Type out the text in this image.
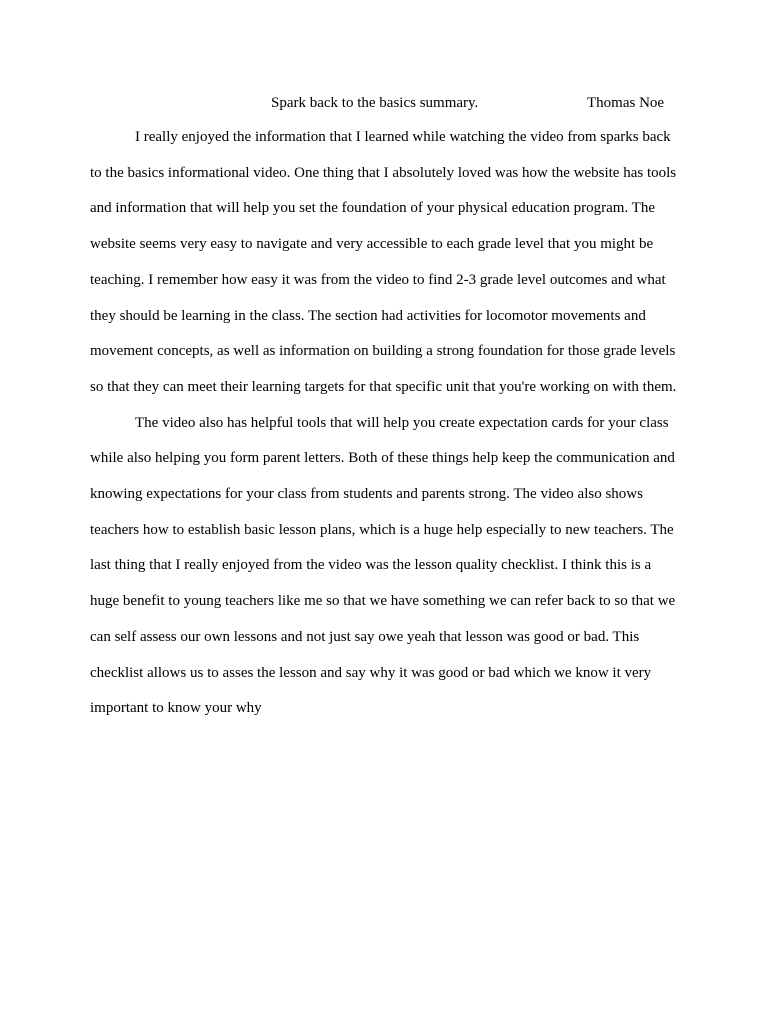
Spark back to the basics summary.	Thomas Noe

I really enjoyed the information that I learned while watching the video from sparks back to the basics informational video. One thing that I absolutely loved was how the website has tools and information that will help you set the foundation of your physical education program. The website seems very easy to navigate and very accessible to each grade level that you might be teaching. I remember how easy it was from the video to find 2-3 grade level outcomes and what they should be learning in the class. The section had activities for locomotor movements and movement concepts, as well as information on building a strong foundation for those grade levels so that they can meet their learning targets for that specific unit that you're working on with them.

The video also has helpful tools that will help you create expectation cards for your class while also helping you form parent letters. Both of these things help keep the communication and knowing expectations for your class from students and parents strong. The video also shows teachers how to establish basic lesson plans, which is a huge help especially to new teachers. The last thing that I really enjoyed from the video was the lesson quality checklist. I think this is a huge benefit to young teachers like me so that we have something we can refer back to so that we can self assess our own lessons and not just say owe yeah that lesson was good or bad. This checklist allows us to asses the lesson and say why it was good or bad which we know it very important to know your why
